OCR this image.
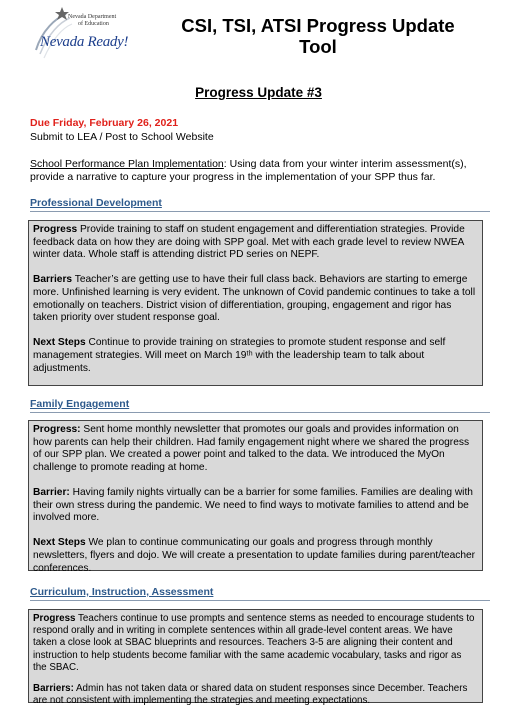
Nevada Department
of Education
Nevada Ready!
CSI, TSI, ATSI Progress Update
Tool
Progress Update #3
Due Friday, February 26, 2021
Submit to LEA / Post to School Website
School Performance Plan Implementation: Using data from your winter interim assessment(s), provide a narrative to capture your progress in the implementation of your SPP thus far.
Professional Development

Progress Provide training to staff on student engagement and differentiation strategies. Provide feedback data on how they are doing with SPP goal. Met with each grade level to review NWEA winter data. Whole staff is attending district PD series on NEPF.

Barriers Teacher’s are getting use to have their full class back. Behaviors are starting to emerge more. Unfinished learning is very evident. The unknown of Covid pandemic continues to take a toll emotionally on teachers. District vision of differentiation, grouping, engagement and rigor has taken priority over student response goal.

Next Steps Continue to provide training on strategies to promote student response and self management strategies. Will meet on March 19ᵗʰ with the leadership team to talk about adjustments.

Family Engagement

Progress: Sent home monthly newsletter that promotes our goals and provides information on how parents can help their children. Had family engagement night where we shared the progress of our SPP plan. We created a power point and talked to the data. We introduced the MyOn challenge to promote reading at home.

Barrier: Having family nights virtually can be a barrier for some families. Families are dealing with their own stress during the pandemic. We need to find ways to motivate families to attend and be involved more.

Next Steps We plan to continue communicating our goals and progress through monthly newsletters, flyers and dojo. We will create a presentation to update families during parent/teacher conferences.

Curriculum, Instruction, Assessment

Progress Teachers continue to use prompts and sentence stems as needed to encourage students to respond orally and in writing in complete sentences within all grade-level content areas. We have taken a close look at SBAC blueprints and resources. Teachers 3-5 are aligning their content and instruction to help students become familiar with the same academic vocabulary, tasks and rigor as the SBAC.

Barriers: Admin has not taken data or shared data on student responses since December. Teachers are not consistent with implementing the strategies and meeting expectations.
